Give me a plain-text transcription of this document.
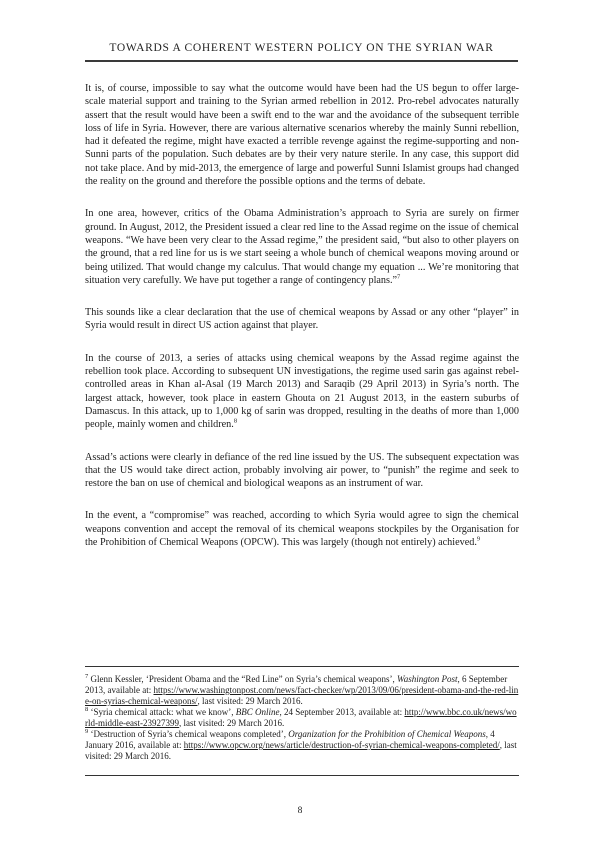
TOWARDS A COHERENT WESTERN POLICY ON THE SYRIAN WAR

It is, of course, impossible to say what the outcome would have been had the US begun to offer large-scale material support and training to the Syrian armed rebellion in 2012. Pro-rebel advocates naturally assert that the result would have been a swift end to the war and the avoidance of the subsequent terrible loss of life in Syria. However, there are various alternative scenarios whereby the mainly Sunni rebellion, had it defeated the regime, might have exacted a terrible revenge against the regime-supporting and non-Sunni parts of the population. Such debates are by their very nature sterile. In any case, this support did not take place. And by mid-2013, the emergence of large and powerful Sunni Islamist groups had changed the reality on the ground and therefore the possible options and the terms of debate.

In one area, however, critics of the Obama Administration’s approach to Syria are surely on firmer ground. In August, 2012, the President issued a clear red line to the Assad regime on the issue of chemical weapons. “We have been very clear to the Assad regime,” the president said, “but also to other players on the ground, that a red line for us is we start seeing a whole bunch of chemical weapons moving around or being utilized. That would change my calculus. That would change my equation ... We’re monitoring that situation very carefully. We have put together a range of contingency plans.”$^7$

This sounds like a clear declaration that the use of chemical weapons by Assad or any other “player” in Syria would result in direct US action against that player.

In the course of 2013, a series of attacks using chemical weapons by the Assad regime against the rebellion took place. According to subsequent UN investigations, the regime used sarin gas against rebel-controlled areas in Khan al-Asal (19 March 2013) and Saraqib (29 April 2013) in Syria’s north. The largest attack, however, took place in eastern Ghouta on 21 August 2013, in the eastern suburbs of Damascus. In this attack, up to 1,000 kg of sarin was dropped, resulting in the deaths of more than 1,000 people, mainly women and children.$^8$

Assad’s actions were clearly in defiance of the red line issued by the US. The subsequent expectation was that the US would take direct action, probably involving air power, to “punish” the regime and seek to restore the ban on use of chemical and biological weapons as an instrument of war.

In the event, a “compromise” was reached, according to which Syria would agree to sign the chemical weapons convention and accept the removal of its chemical weapons stockpiles by the Organisation for the Prohibition of Chemical Weapons (OPCW). This was largely (though not entirely) achieved.$^9$

$^7$ Glenn Kessler, ‘President Obama and the “Red Line” on Syria’s chemical weapons’, Washington Post, 6 September 2013, available at: https://www.washingtonpost.com/news/fact-checker/wp/2013/09/06/president-obama-and-the-red-line-on-syrias-chemical-weapons/, last visited: 29 March 2016.

$^8$ ‘Syria chemical attack: what we know’, BBC Online, 24 September 2013, available at: http://www.bbc.co.uk/news/world-middle-east-23927399, last visited: 29 March 2016.

$^9$ ‘Destruction of Syria’s chemical weapons completed’, Organization for the Prohibition of Chemical Weapons, 4 January 2016, available at: https://www.opcw.org/news/article/destruction-of-syrian-chemical-weapons-completed/, last visited: 29 March 2016.

8
